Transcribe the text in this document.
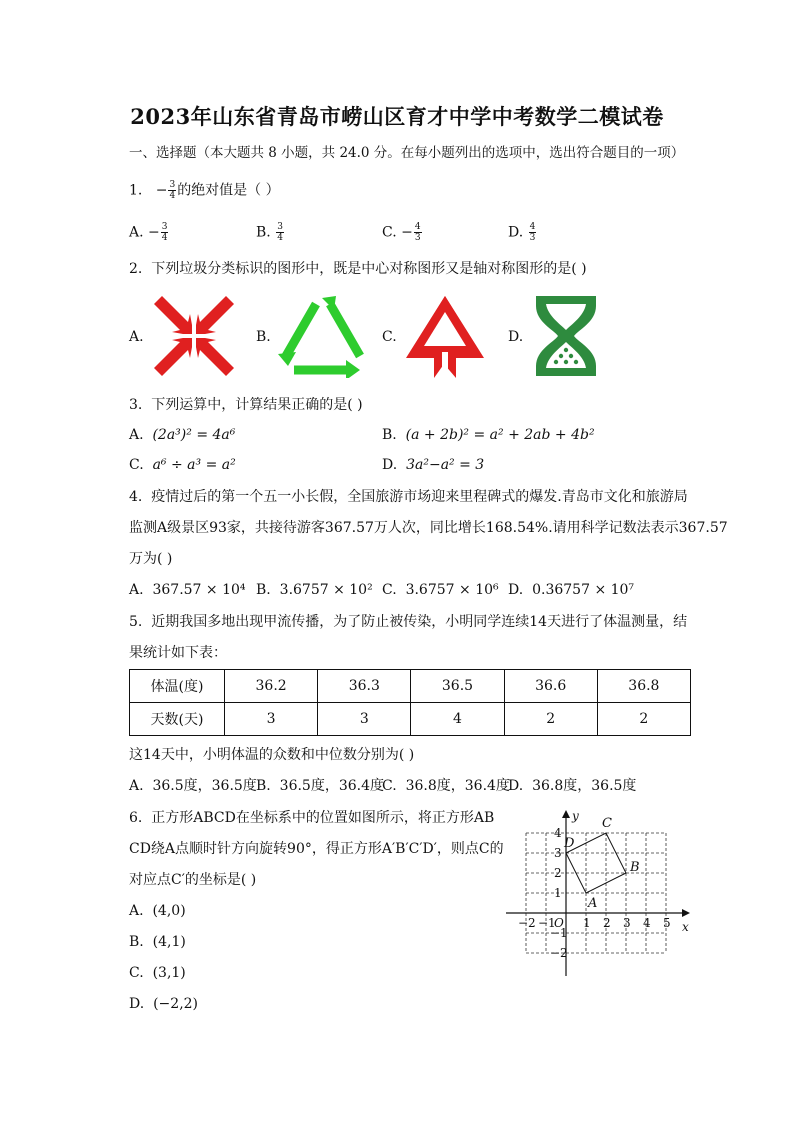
2023年山东省青岛市崂山区育才中学中考数学二模试卷
一、选择题（本大题共 8 小题，共 24.0 分。在每小题列出的选项中，选出符合题目的一项）
1. − $\frac{3}{4}$ 的绝对值是（ ）
A. − $\frac{3}{4}$	B. $\frac{3}{4}$	C. − $\frac{4}{3}$	D. $\frac{4}{3}$
2. 下列垃圾分类标识的图形中，既是中心对称图形又是轴对称图形的是( )
A.	B.	C.	D.
3. 下列运算中，计算结果正确的是( )
A. (2a³)² = 4a⁶	B. (a + 2b)² = a² + 2ab + 4b²
C. a⁶ ÷ a³ = a²	D. 3a²−a² = 3
4. 疫情过后的第一个五一小长假，全国旅游市场迎来里程碑式的爆发.青岛市文化和旅游局
监测A级景区93家，共接待游客367.57万人次，同比增长168.54%.请用科学记数法表示367.57
万为( )
A. 367.57 × 10⁴ B. 3.6757 × 10² C. 3.6757 × 10⁶ D. 0.36757 × 10⁷
5. 近期我国多地出现甲流传播，为了防止被传染，小明同学连续14天进行了体温测量，结
果统计如下表：
体温(度)	36.2	36.3	36.5	36.6	36.8
天数(天)	3	3	4	2	2
这14天中，小明体温的众数和中位数分别为( )
A. 36.5度，36.5度 B. 36.5度，36.4度
C. 36.8度，36.4度
D. 36.8度，36.5度
6. 正方形ABCD在坐标系中的位置如图所示，将正方形AB
CD绕A点顺时针方向旋转90°，得正方形A′B′C′D′，则点C的
对应点C′的坐标是( )
A. (4,0)
B. (4,1)
C. (3,1)
D. (−2,2)
−2 −1 1 2 3 4 5
4
3
2
1
−1
−2
O	x
y
A
B
C
D
